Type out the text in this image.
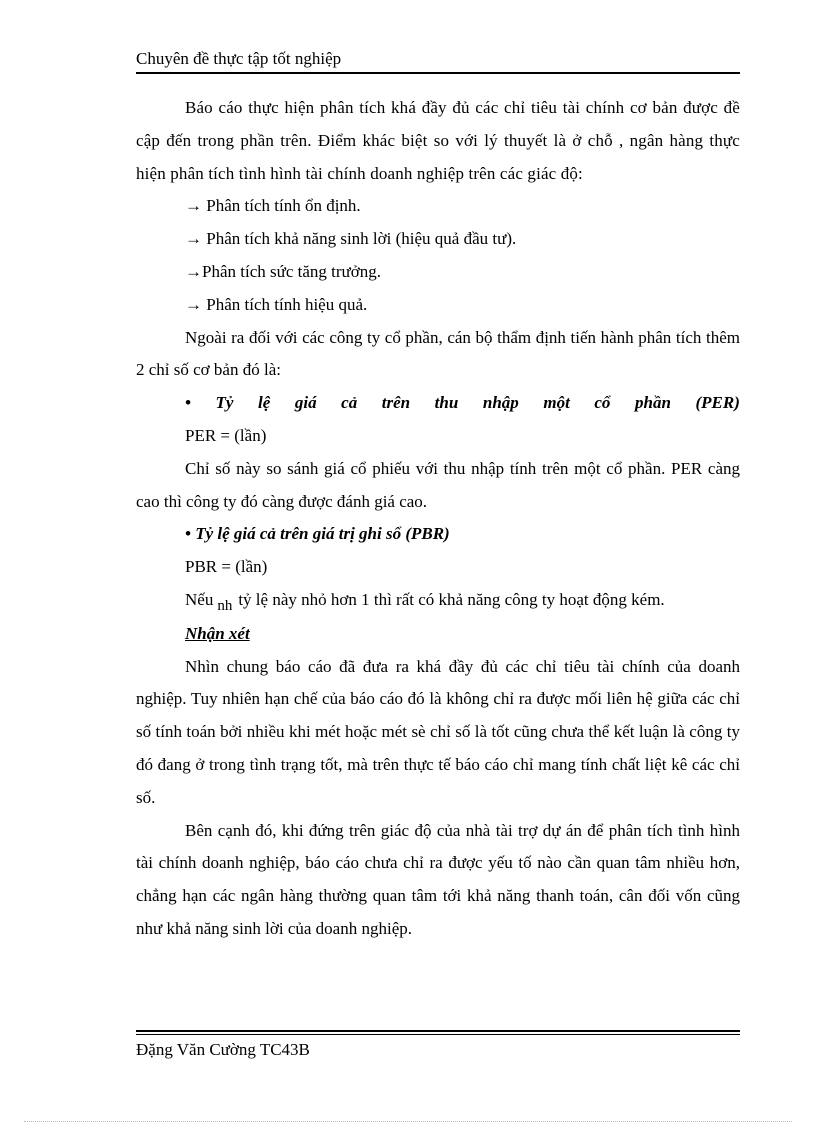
Chuyên đề thực tập tốt nghiệp

Báo cáo thực hiện phân tích khá đầy đủ các chỉ tiêu tài chính cơ bản được đề cập đến trong phần trên. Điểm khác biệt so với lý thuyết là ở chỗ , ngân hàng thực hiện phân tích tình hình tài chính doanh nghiệp trên các giác độ:

→ Phân tích tính ổn định.

→ Phân tích khả năng sinh lời (hiệu quả đầu tư).

→Phân tích sức tăng trưởng.

→ Phân tích tính hiệu quả.

Ngoài ra đối với các công ty cổ phần, cán bộ thẩm định tiến hành phân tích thêm 2 chỉ số cơ bản đó là:

• Tỷ lệ giá cả trên thu nhập một cổ phần (PER)

PER = (lần)

Chỉ số này so sánh giá cổ phiếu với thu nhập tính trên một cổ phần. PER càng cao thì công ty đó càng được đánh giá cao.

• Tỷ lệ giá cả trên giá trị ghi sổ (PBR)

PBR = (lần)

Nếu nh tỷ lệ này nhỏ hơn 1 thì rất có khả năng công ty hoạt động kém.

Nhận xét

Nhìn chung báo cáo đã đưa ra khá đầy đủ các chỉ tiêu tài chính của doanh nghiệp. Tuy nhiên hạn chế của báo cáo đó là không chỉ ra được mối liên hệ giữa các chỉ số tính toán bởi nhiều khi mét hoặc mét sè chỉ số là tốt cũng chưa thể kết luận là công ty đó đang ở trong tình trạng tốt, mà trên thực tế báo cáo chỉ mang tính chất liệt kê các chỉ số.

Bên cạnh đó, khi đứng trên giác độ của nhà tài trợ dự án để phân tích tình hình tài chính doanh nghiệp, báo cáo chưa chỉ ra được yếu tố nào cần quan tâm nhiều hơn, chẳng hạn các ngân hàng thường quan tâm tới khả năng thanh toán, cân đối vốn cũng như khả năng sinh lời của doanh nghiệp.

Đặng Văn Cường TC43B
